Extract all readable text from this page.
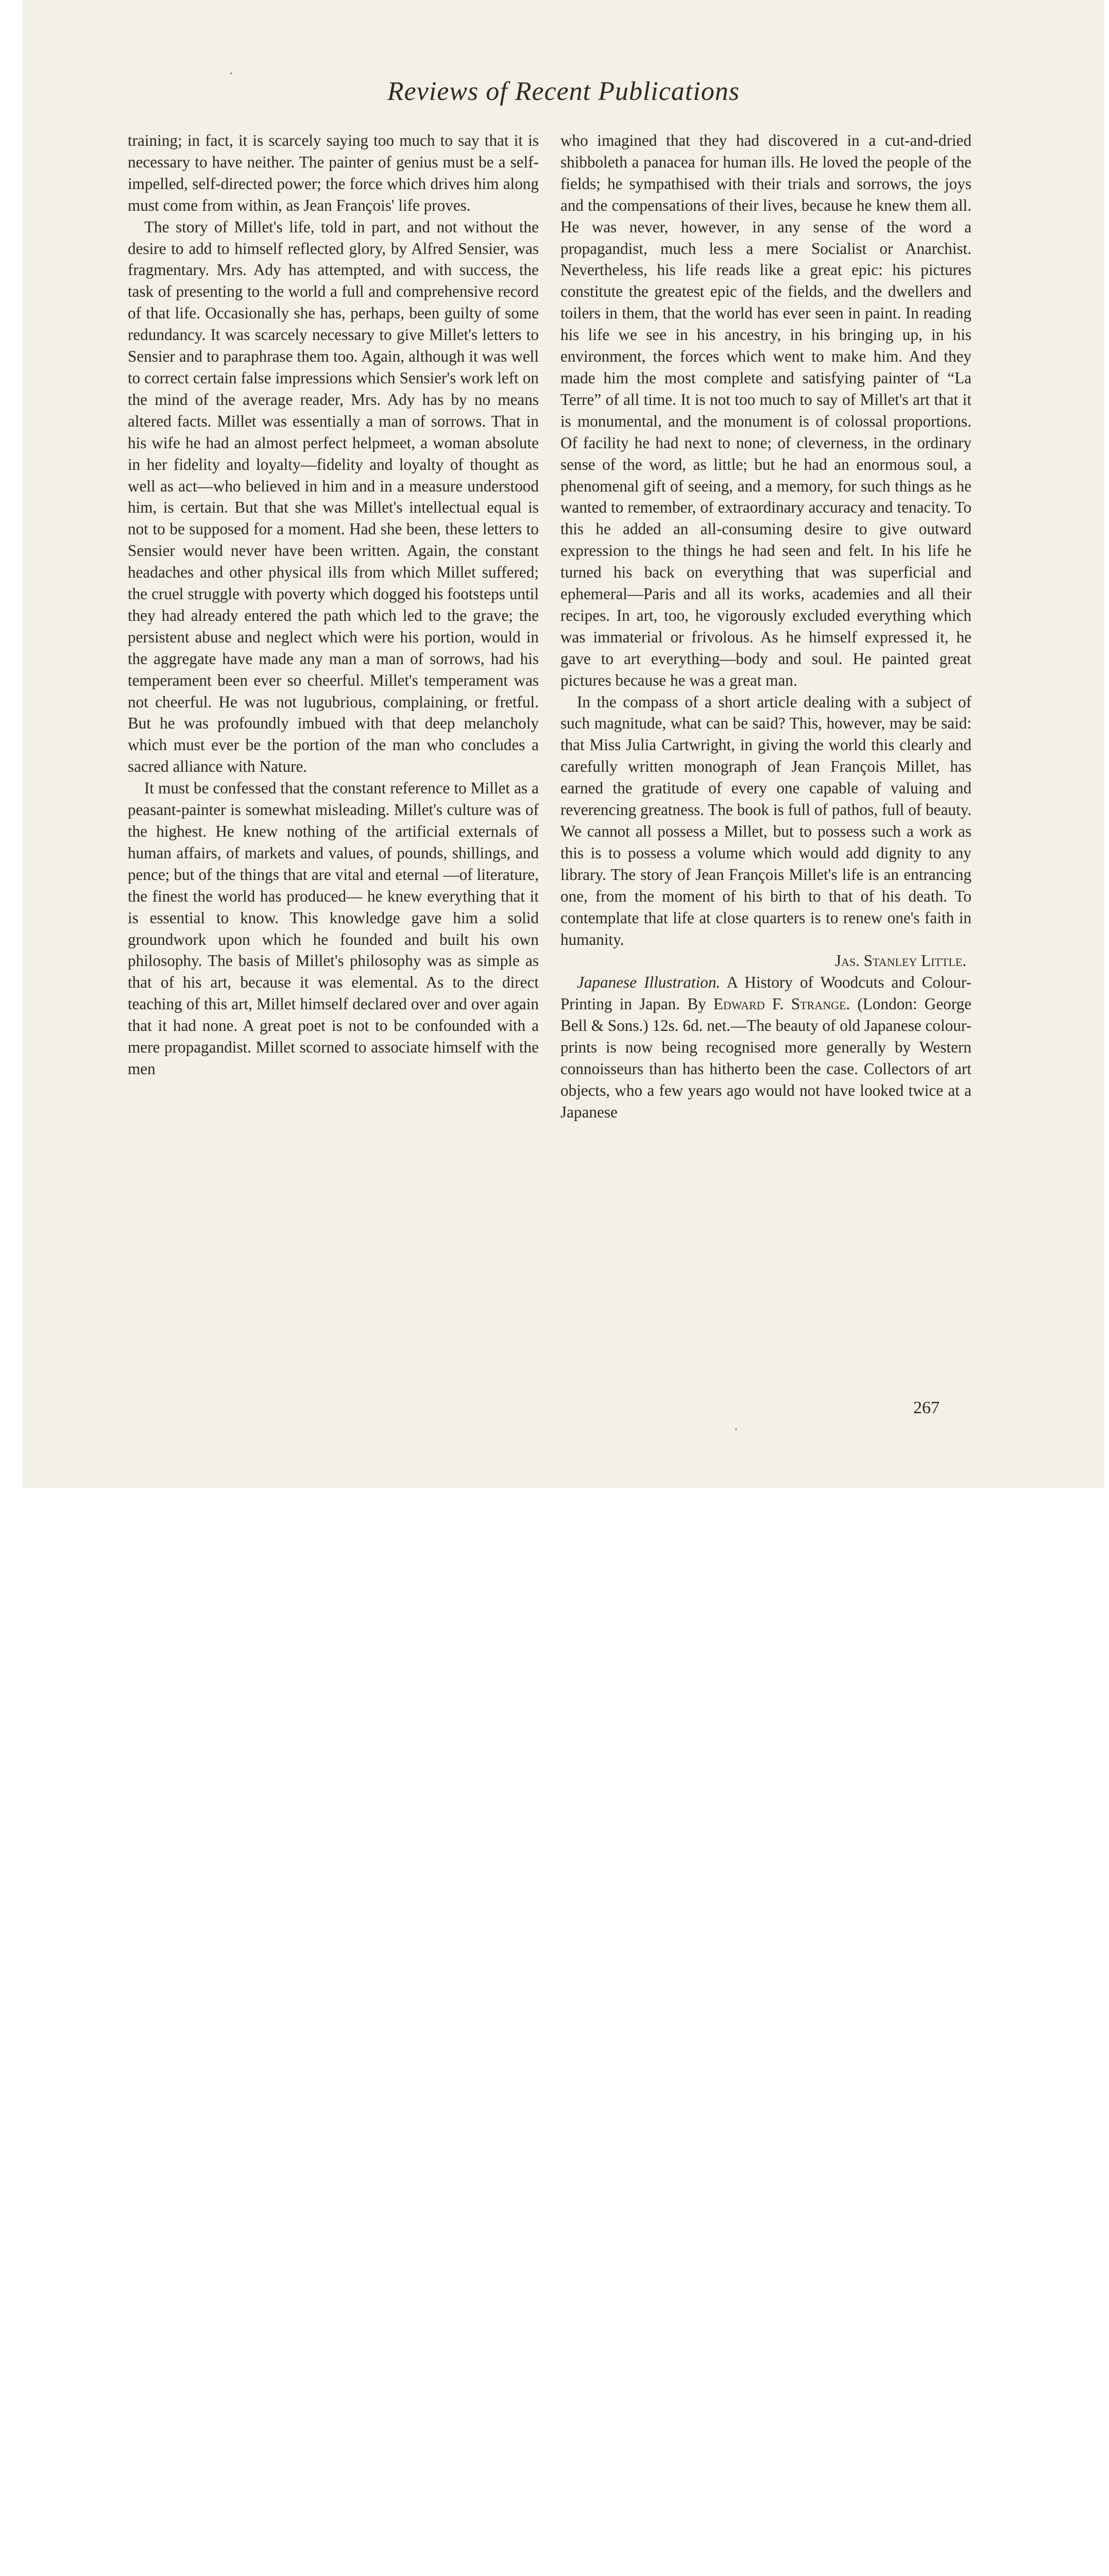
Reviews of Recent Publications

training; in fact, it is scarcely saying too much to say that it is necessary to have neither. The painter of genius must be a self-impelled, self-directed power; the force which drives him along must come from within, as Jean François' life proves.

The story of Millet's life, told in part, and not without the desire to add to himself reflected glory, by Alfred Sensier, was fragmentary. Mrs. Ady has attempted, and with success, the task of presenting to the world a full and comprehensive record of that life. Occasionally she has, perhaps, been guilty of some redundancy. It was scarcely necessary to give Millet's letters to Sensier and to paraphrase them too. Again, although it was well to correct certain false impressions which Sensier's work left on the mind of the average reader, Mrs. Ady has by no means altered facts. Millet was essentially a man of sorrows. That in his wife he had an almost perfect helpmeet, a woman absolute in her fidelity and loyalty—fidelity and loyalty of thought as well as act—who believed in him and in a measure understood him, is certain. But that she was Millet's intellectual equal is not to be supposed for a moment. Had she been, these letters to Sensier would never have been written. Again, the constant headaches and other physical ills from which Millet suffered; the cruel struggle with poverty which dogged his footsteps until they had already entered the path which led to the grave; the persistent abuse and neglect which were his portion, would in the aggregate have made any man a man of sorrows, had his temperament been ever so cheerful. Millet's temperament was not cheerful. He was not lugubrious, complaining, or fretful. But he was profoundly imbued with that deep melancholy which must ever be the portion of the man who concludes a sacred alliance with Nature.

It must be confessed that the constant reference to Millet as a peasant-painter is somewhat misleading. Millet's culture was of the highest. He knew nothing of the artificial externals of human affairs, of markets and values, of pounds, shillings, and pence; but of the things that are vital and eternal —of literature, the finest the world has produced— he knew everything that it is essential to know. This knowledge gave him a solid groundwork upon which he founded and built his own philosophy. The basis of Millet's philosophy was as simple as that of his art, because it was elemental. As to the direct teaching of this art, Millet himself declared over and over again that it had none. A great poet is not to be confounded with a mere propagandist. Millet scorned to associate himself with the men

who imagined that they had discovered in a cut-and-dried shibboleth a panacea for human ills. He loved the people of the fields; he sympathised with their trials and sorrows, the joys and the compensations of their lives, because he knew them all. He was never, however, in any sense of the word a propagandist, much less a mere Socialist or Anarchist. Nevertheless, his life reads like a great epic: his pictures constitute the greatest epic of the fields, and the dwellers and toilers in them, that the world has ever seen in paint. In reading his life we see in his ancestry, in his bringing up, in his environment, the forces which went to make him. And they made him the most complete and satisfying painter of “La Terre” of all time. It is not too much to say of Millet's art that it is monumental, and the monument is of colossal proportions. Of facility he had next to none; of cleverness, in the ordinary sense of the word, as little; but he had an enormous soul, a phenomenal gift of seeing, and a memory, for such things as he wanted to remember, of extraordinary accuracy and tenacity. To this he added an all-consuming desire to give outward expression to the things he had seen and felt. In his life he turned his back on everything that was superficial and ephemeral—Paris and all its works, academies and all their recipes. In art, too, he vigorously excluded everything which was immaterial or frivolous. As he himself expressed it, he gave to art everything—body and soul. He painted great pictures because he was a great man.

In the compass of a short article dealing with a subject of such magnitude, what can be said? This, however, may be said: that Miss Julia Cartwright, in giving the world this clearly and carefully written monograph of Jean François Millet, has earned the gratitude of every one capable of valuing and reverencing greatness. The book is full of pathos, full of beauty. We cannot all possess a Millet, but to possess such a work as this is to possess a volume which would add dignity to any library. The story of Jean François Millet's life is an entrancing one, from the moment of his birth to that of his death. To contemplate that life at close quarters is to renew one's faith in humanity.

Jas. Stanley Little.

Japanese Illustration. A History of Woodcuts and Colour-Printing in Japan. By Edward F. Strange. (London: George Bell & Sons.) 12s. 6d. net.—The beauty of old Japanese colour-prints is now being recognised more generally by Western connoisseurs than has hitherto been the case. Collectors of art objects, who a few years ago would not have looked twice at a Japanese

267
·
·
